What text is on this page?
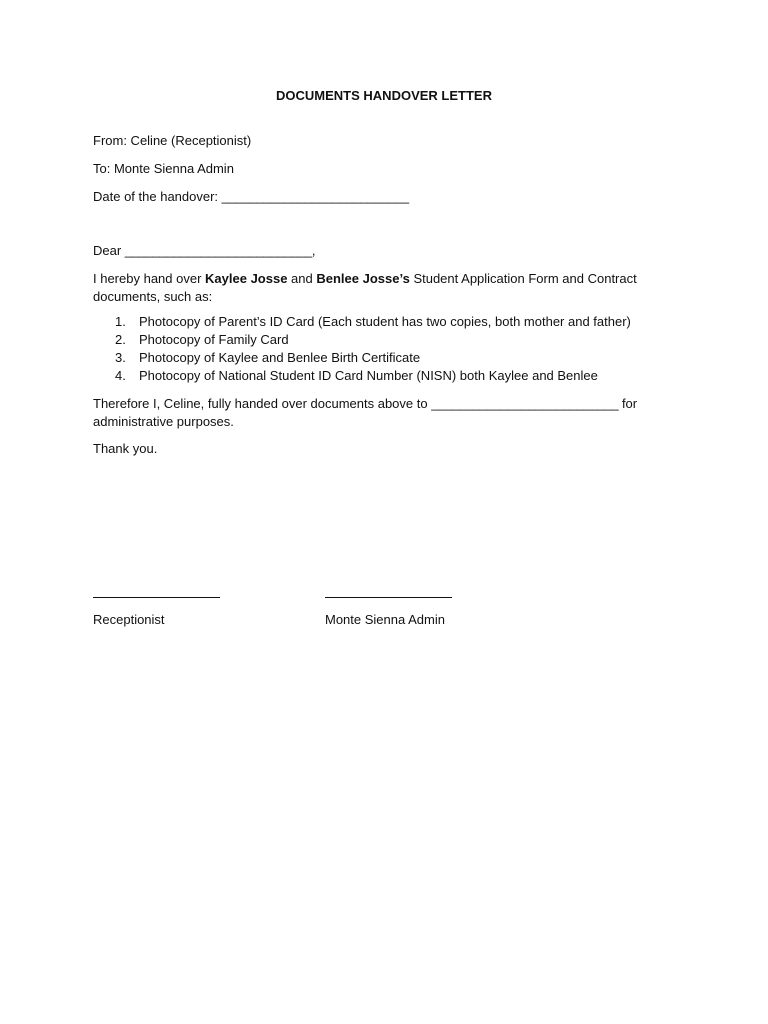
DOCUMENTS HANDOVER LETTER
From: Celine (Receptionist)
To: Monte Sienna Admin
Date of the handover: ___________________________
Dear ___________________________,
I hereby hand over Kaylee Josse and Benlee Josse’s Student Application Form and Contract documents, such as:
1. Photocopy of Parent’s ID Card (Each student has two copies, both mother and father)
2. Photocopy of Family Card
3. Photocopy of Kaylee and Benlee Birth Certificate
4. Photocopy of National Student ID Card Number (NISN) both Kaylee and Benlee
Therefore I, Celine, fully handed over documents above to ___________________________ for administrative purposes.
Thank you.
Receptionist	Monte Sienna Admin
